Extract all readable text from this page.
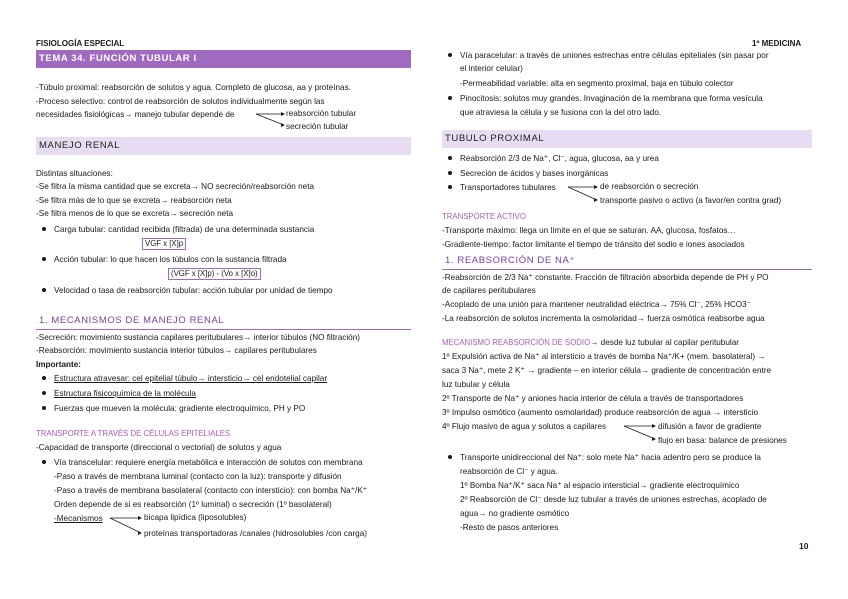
FISIOLOGÍA ESPECIAL
TEMA 34. FUNCIÓN TUBULAR I
-Túbulo proximal: reabsorción de solutos y agua. Completo de glucosa, aa y proteínas.
-Proceso selectivo: control de reabsorción de solutos individualmente según las
necesidades fisiológicas→ manejo tubular depende de	reabsorción tubular
secreción tubular
MANEJO RENAL
Distintas situaciones:
-Se filtra la misma cantidad que se excreta→ NO secreción/reabsorción neta
-Se filtra más de lo que se excreta→ reabsorción neta
-Se filtra menos de lo que se excreta→ secreción neta
Carga tubular: cantidad recibida (filtrada) de una determinada sustancia
VGF x [X]p
Acción tubular: lo que hacen los túbulos con la sustancia filtrada
(VGF x [X]p) - (Vo x [X]o)
Velocidad o tasa de reabsorción tubular: acción tubular por unidad de tiempo
1. MECANISMOS DE MANEJO RENAL
-Secreción: movimiento sustancia capilares peritubulares→ interior túbulos (NO filtración)
-Reabsorción: movimiento sustancia interior túbulos→ capilares peritubulares
Importante:
Estructura atravesar: cel epitelial túbulo→ intersticio→ cel endotelial capilar
Estructura fisicoquímica de la molécula
Fuerzas que mueven la molécula: gradiente electroquímico, PH y PO
TRANSPORTE A TRAVÉS DE CÉLULAS EPITELIALES
-Capacidad de transporte (direccional o vectorial) de solutos y agua
Vía transcelular: requiere energía metabólica e interacción de solutos con membrana
-Paso a través de membrana luminal (contacto con la luz): transporte y difusión
-Paso a través de membrana basolateral (contacto con intersticio): con bomba Na⁺/K⁺
Orden depende de si es reabsorción (1º luminal) o secreción (1º basolateral)
-Mecanismos	bicapa lipídica (liposolubles)
proteínas transportadoras /canales (hidrosolubles /con carga)
1º MEDICINA
Vía paracelular: a través de uniones estrechas entre células epiteliales (sin pasar por
el interior celular)
-Permeabilidad variable: alta en segmento proximal, baja en túbulo colector
Pinocitosis: solutos muy grandes. Invaginación de la membrana que forma vesícula
que atraviesa la célula y se fusiona con la del otro lado.
TUBULO PROXIMAL
Reabsorción 2/3 de Na⁺, Cl⁻, agua, glucosa, aa y urea
Secreción de ácidos y bases inorgánicas
Transportadores tubulares	de reabsorción o secreción
transporte pasivo o activo (a favor/en contra grad)
TRANSPORTE ACTIVO
-Transporte máximo: llega un límite en el que se saturan. AA, glucosa, fosfatos…
-Gradiente-tiempo: factor limitante el tiempo de tránsito del sodio e iones asociados
1. REABSORCIÓN DE NA⁺
-Reabsorción de 2/3 Na⁺ constante. Fracción de filtración absorbida depende de PH y PO
de capilares peritubulares
-Acoplado de una unión para mantener neutralidad eléctrica→ 75% Cl⁻, 25% HCO3⁻
-La reabsorción de solutos incrementa la osmolaridad→ fuerza osmótica reabsorbe agua
MECANISMO REABSORCIÓN DE SODIO→ desde luz tubular al capilar peritubular
1º Expulsión activa de Na⁺ al intersticio a través de bomba Na⁺/K+ (mem. basolateral) →
saca 3 Na⁺, mete 2 K⁺ → gradiente – en interior célula→ gradiente de concentración entre
luz tubular y célula
2º Transporte de Na⁺ y aniones hacia interior de célula a través de transportadores
3º Impulso osmótico (aumento osmolaridad) produce reabsorción de agua → intersticio
4º Flujo masivo de agua y solutos a capilares	difusión a favor de gradiente
flujo en basa: balance de presiones
Transporte unidireccional del Na⁺: solo mete Na⁺ hacia adentro pero se produce la
reabsorción de Cl⁻ y agua.
1º Bomba Na⁺/K⁺ saca Na⁺ al espacio intersticial→ gradiente electroquímico
2º Reabsorción de Cl⁻ desde luz tubular a través de uniones estrechas, acoplado de
agua→ no gradiente osmótico
-Resto de pasos anteriores
10
